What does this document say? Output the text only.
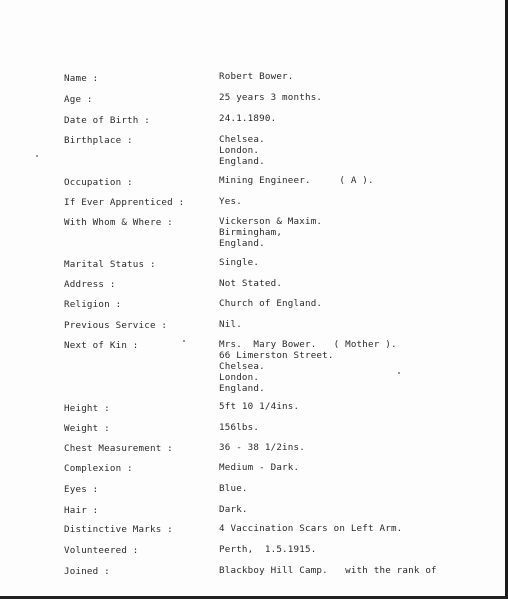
Name :	Robert Bower.
Age :	25 years 3 months.
Date of Birth :	24.1.1890.
Birthplace :	Chelsea.
London.
England.
Occupation :	Mining Engineer.     ( A ).
If Ever Apprenticed :	Yes.
With Whom & Where :	Vickerson & Maxim.
Birmingham,
England.
Marital Status :	Single.
Address :	Not Stated.
Religion :	Church of England.
Previous Service :	Nil.
Next of Kin :	Mrs.  Mary Bower.   ( Mother ).
66 Limerston Street.
Chelsea.
London.
England.
Height :	5ft 10 1/4ins.
Weight :	156lbs.
Chest Measurement :	36 - 38 1/2ins.
Complexion :	Medium - Dark.
Eyes :	Blue.
Hair :	Dark.
Distinctive Marks :	4 Vaccination Scars on Left Arm.
Volunteered :	Perth,  1.5.1915.
Joined :	Blackboy Hill Camp.   with the rank of
